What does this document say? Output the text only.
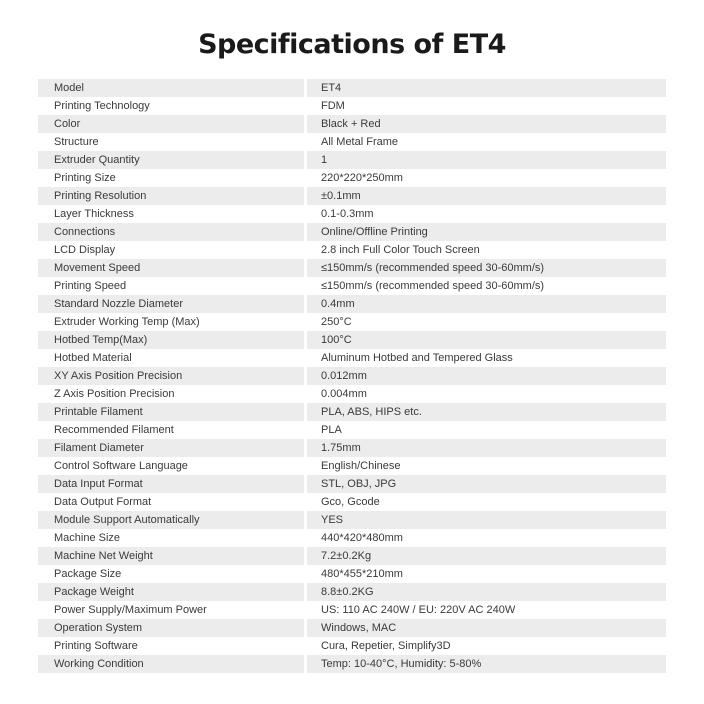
Specifications of ET4
Model	ET4
Printing Technology	FDM
Color	Black + Red
Structure	All Metal Frame
Extruder Quantity	1
Printing Size	220*220*250mm
Printing Resolution	±0.1mm
Layer Thickness	0.1-0.3mm
Connections	Online/Offline Printing
LCD Display	2.8 inch Full Color Touch Screen
Movement Speed	≤150mm/s (recommended speed 30-60mm/s)
Printing Speed	≤150mm/s (recommended speed 30-60mm/s)
Standard Nozzle Diameter	0.4mm
Extruder Working Temp (Max)	250°C
Hotbed Temp(Max)	100°C
Hotbed Material	Aluminum Hotbed and Tempered Glass
XY Axis Position Precision	0.012mm
Z Axis Position Precision	0.004mm
Printable Filament	PLA, ABS, HIPS etc.
Recommended Filament	PLA
Filament Diameter	1.75mm
Control Software Language	English/Chinese
Data Input Format	STL, OBJ, JPG
Data Output Format	Gco, Gcode
Module Support Automatically	YES
Machine Size	440*420*480mm
Machine Net Weight	7.2±0.2Kg
Package Size	480*455*210mm
Package Weight	8.8±0.2KG
Power Supply/Maximum Power	US: 110 AC 240W / EU: 220V AC 240W
Operation System	Windows, MAC
Printing Software	Cura, Repetier, Simplify3D
Working Condition	Temp: 10-40°C, Humidity: 5-80%
